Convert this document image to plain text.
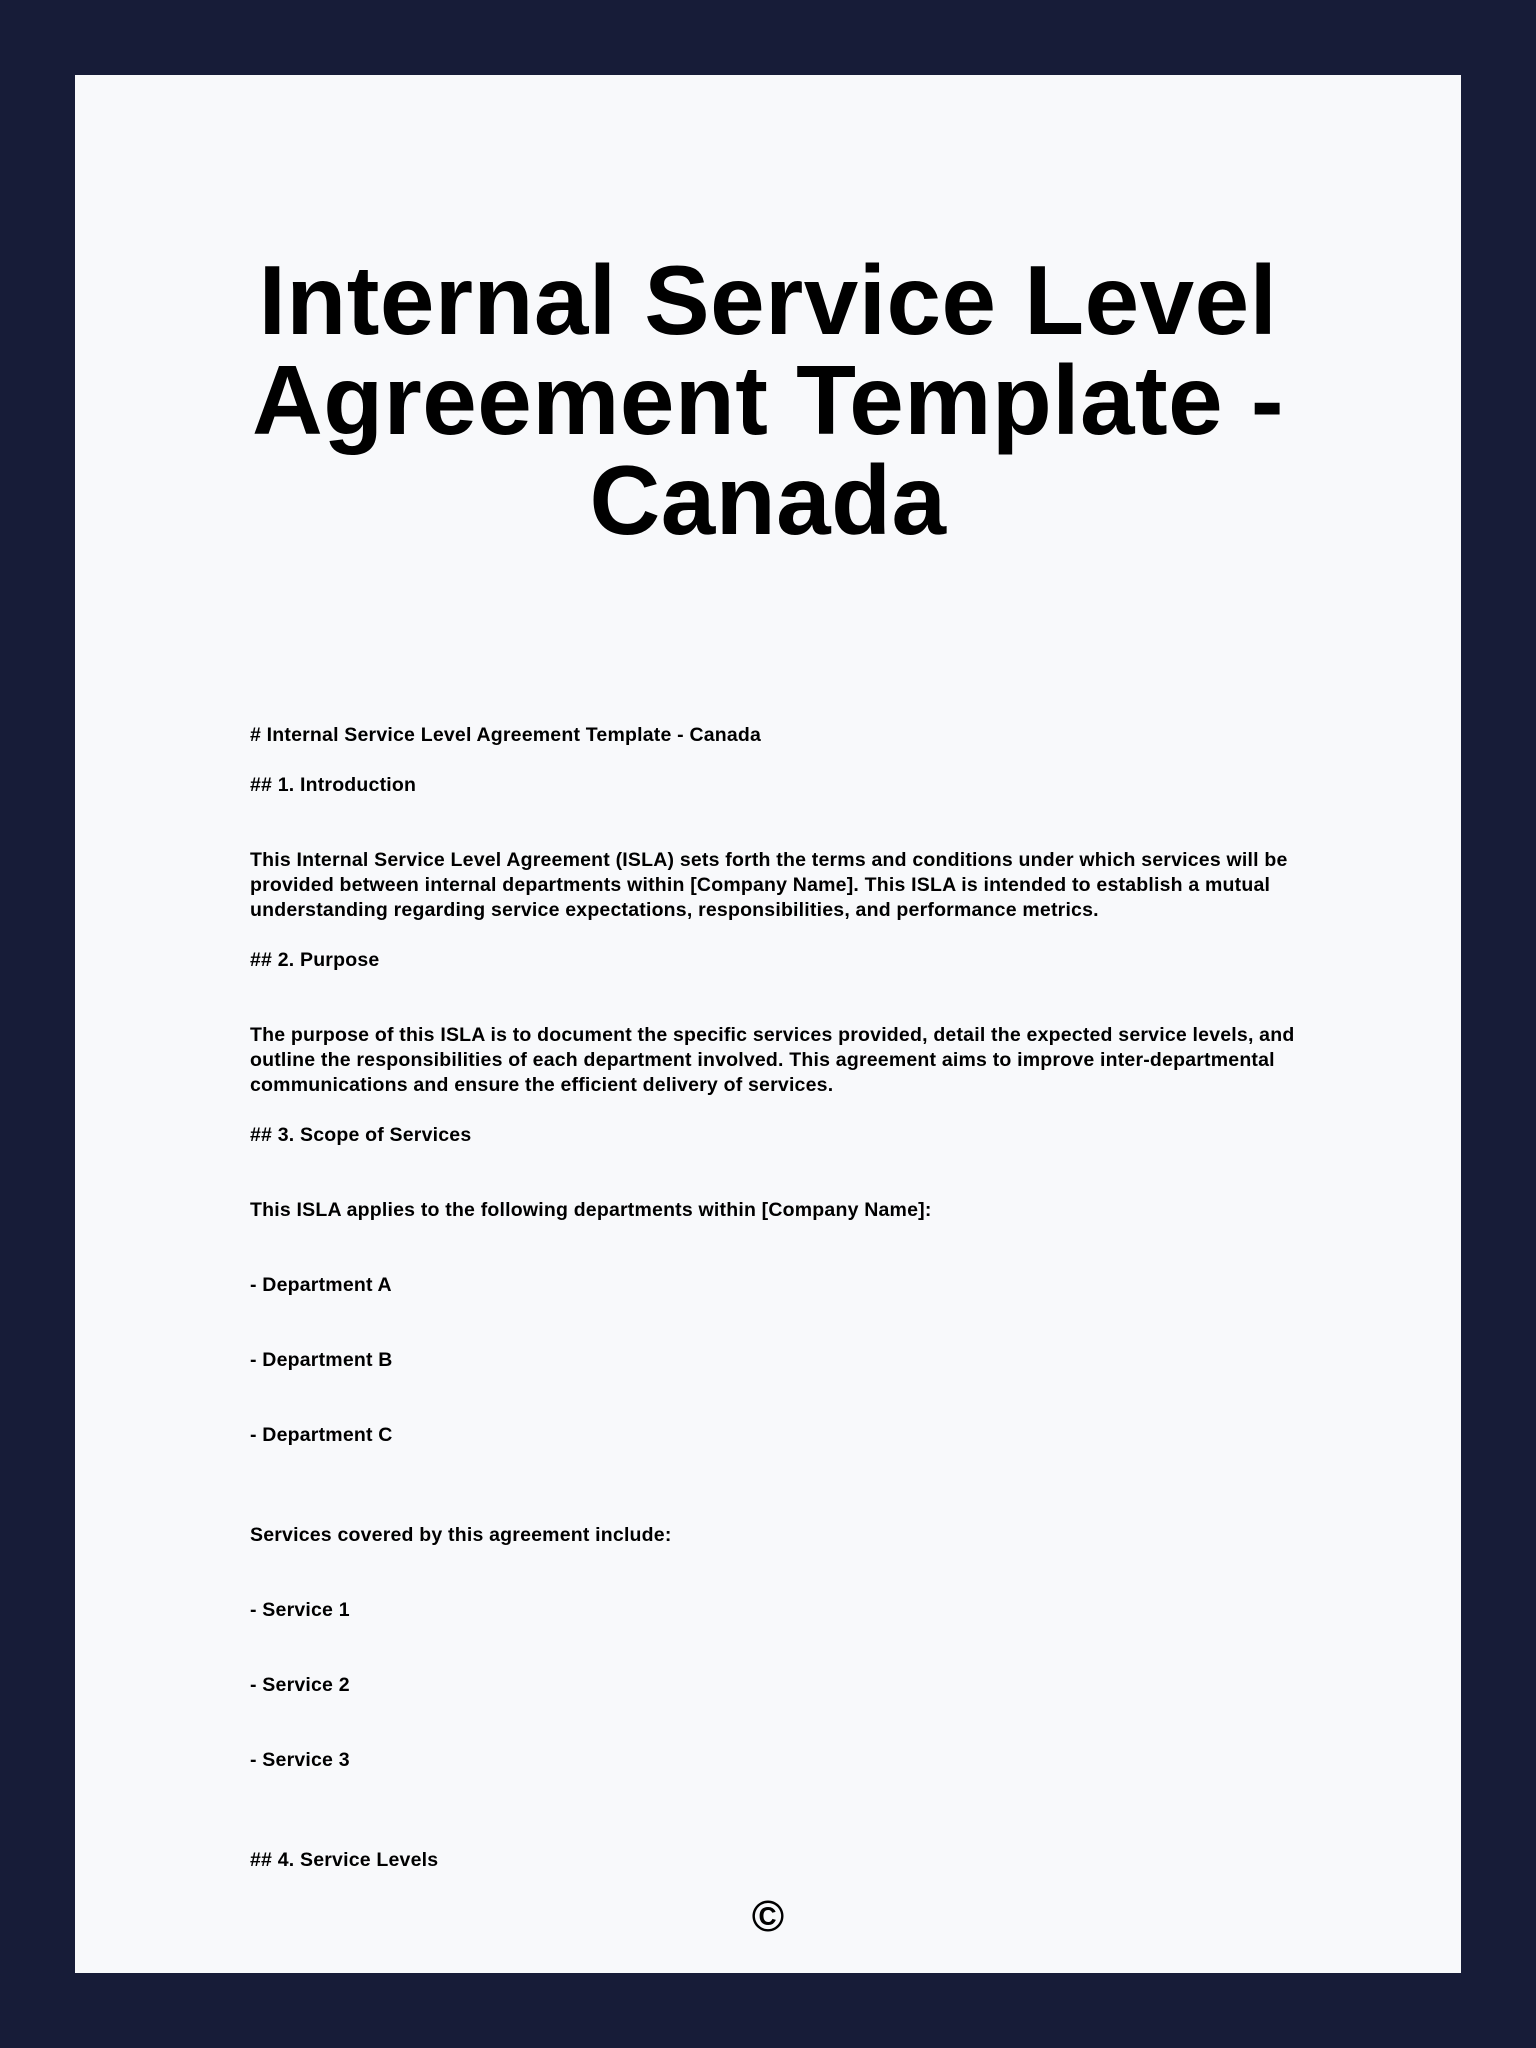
Internal Service Level Agreement Template - Canada

# Internal Service Level Agreement Template - Canada

## 1. Introduction

This Internal Service Level Agreement (ISLA) sets forth the terms and conditions under which services will be provided between internal departments within [Company Name]. This ISLA is intended to establish a mutual understanding regarding service expectations, responsibilities, and performance metrics.

## 2. Purpose

The purpose of this ISLA is to document the specific services provided, detail the expected service levels, and outline the responsibilities of each department involved. This agreement aims to improve inter-departmental communications and ensure the efficient delivery of services.

## 3. Scope of Services

This ISLA applies to the following departments within [Company Name]:

- Department A

- Department B

- Department C

Services covered by this agreement include:

- Service 1

- Service 2

- Service 3

## 4. Service Levels

©
